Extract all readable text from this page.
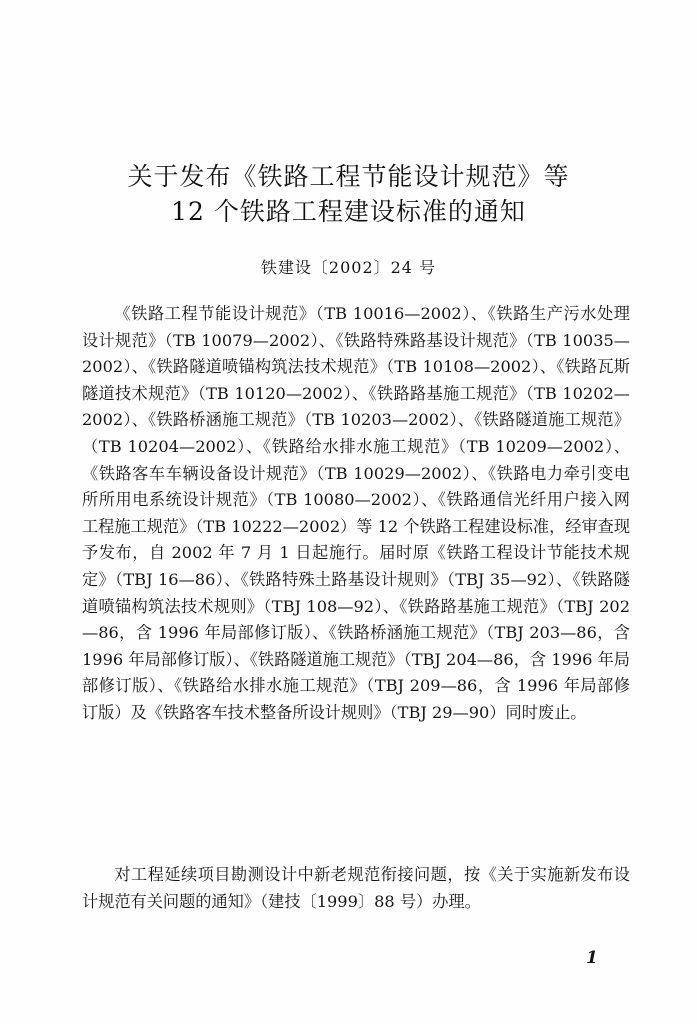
关于发布《铁路工程节能设计规范》等
12 个铁路工程建设标准的通知
铁建设〔2002〕24 号

《铁路工程节能设计规范》（TB 10016—2002）、《铁路生产污水处理设计规范》（TB 10079—2002）、《铁路特殊路基设计规范》（TB 10035—2002）、《铁路隧道喷锚构筑法技术规范》（TB 10108—2002）、《铁路瓦斯隧道技术规范》（TB 10120—2002）、《铁路路基施工规范》（TB 10202—2002）、《铁路桥涵施工规范》（TB 10203—2002）、《铁路隧道施工规范》（TB 10204—2002）、《铁路给水排水施工规范》（TB 10209—2002）、《铁路客车车辆设备设计规范》（TB 10029—2002）、《铁路电力牵引变电所所用电系统设计规范》（TB 10080—2002）、《铁路通信光纤用户接入网工程施工规范》（TB 10222—2002）等 12 个铁路工程建设标准，经审查现予发布，自 2002 年 7 月 1 日起施行。届时原《铁路工程设计节能技术规定》（TBJ 16—86）、《铁路特殊土路基设计规则》（TBJ 35—92）、《铁路隧道喷锚构筑法技术规则》（TBJ 108—92）、《铁路路基施工规范》（TBJ 202—86，含 1996 年局部修订版）、《铁路桥涵施工规范》（TBJ 203—86，含 1996 年局部修订版）、《铁路隧道施工规范》（TBJ 204—86，含 1996 年局部修订版）、《铁路给水排水施工规范》（TBJ 209—86，含 1996 年局部修订版）及《铁路客车技术整备所设计规则》（TBJ 29—90）同时废止。

对工程延续项目勘测设计中新老规范衔接问题，按《关于实施新发布设计规范有关问题的通知》（建技〔1999〕88 号）办理。

1
